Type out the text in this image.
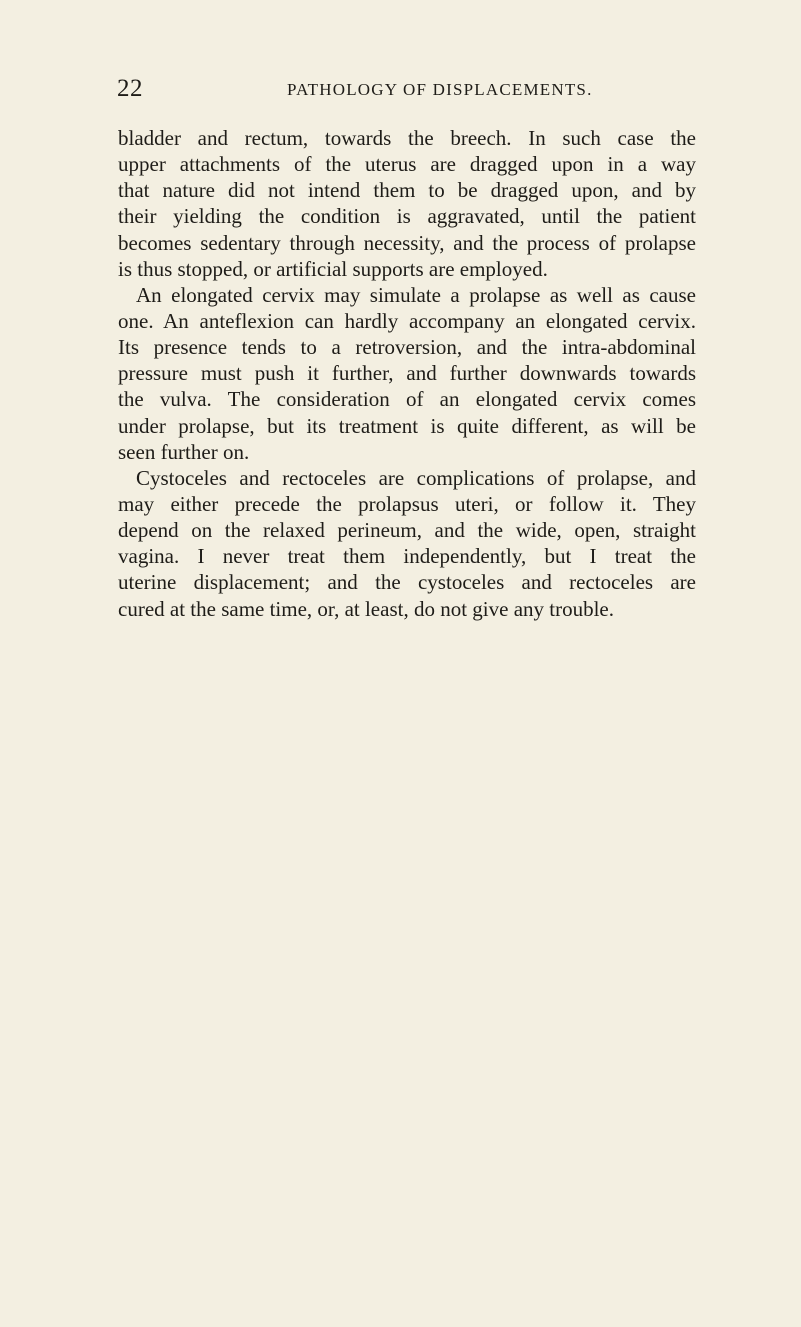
22	PATHOLOGY OF DISPLACEMENTS.
bladder and rectum, towards the breech. In such case the
upper attachments of the uterus are dragged upon in a way
that nature did not intend them to be dragged upon, and by
their yielding the condition is aggravated, until the patient
becomes sedentary through necessity, and the process of prolapse
is thus stopped, or artificial supports are employed.
An elongated cervix may simulate a prolapse as well as cause
one. An anteflexion can hardly accompany an elongated cervix.
Its presence tends to a retroversion, and the intra-abdominal
pressure must push it further, and further downwards towards
the vulva. The consideration of an elongated cervix comes
under prolapse, but its treatment is quite different, as will be
seen further on.
Cystoceles and rectoceles are complications of prolapse, and
may either precede the prolapsus uteri, or follow it. They
depend on the relaxed perineum, and the wide, open, straight
vagina. I never treat them independently, but I treat the
uterine displacement; and the cystoceles and rectoceles are
cured at the same time, or, at least, do not give any trouble.
